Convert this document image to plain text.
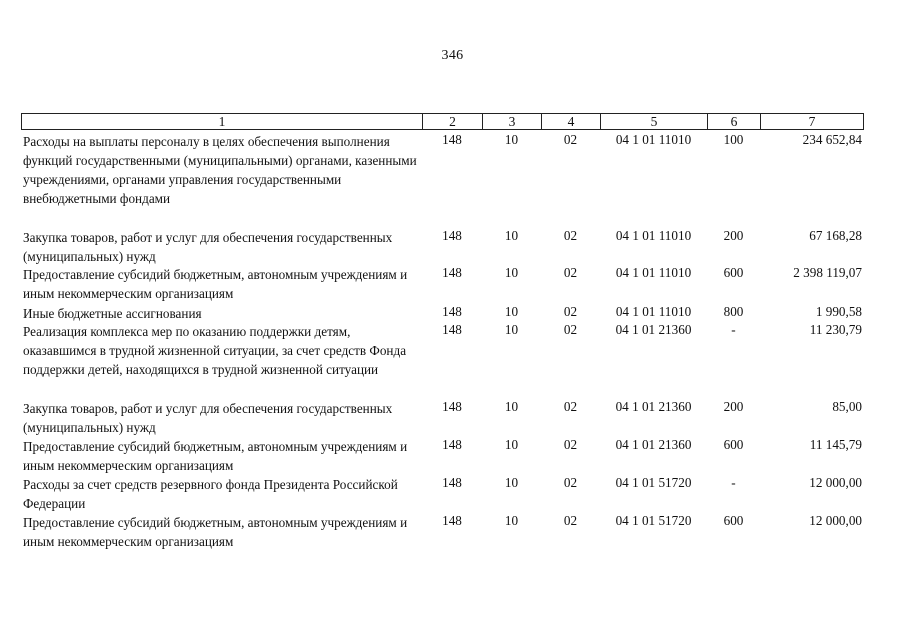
346
1	2	3	4	5	6	7
Расходы на выплаты персоналу в целях обеспечения выполнения функций государственными (муниципальными) органами, казенными учреждениями, органами управления государственными внебюджетными фондами
148	10	02	04 1 01 11010	100	234 652,84
Закупка товаров, работ и услуг для обеспечения государственных (муниципальных) нужд
148	10	02	04 1 01 11010	200	67 168,28
Предоставление субсидий бюджетным, автономным учреждениям и иным некоммерческим организациям
148	10	02	04 1 01 11010	600	2 398 119,07
Иные бюджетные ассигнования	148	10	02	04 1 01 11010	800	1 990,58
Реализация комплекса мер по оказанию поддержки детям, оказавшимся в трудной жизненной ситуации, за счет средств Фонда поддержки детей, находящихся в трудной жизненной ситуации
148	10	02	04 1 01 21360	-	11 230,79
Закупка товаров, работ и услуг для обеспечения государственных (муниципальных) нужд
148	10	02	04 1 01 21360	200	85,00
Предоставление субсидий бюджетным, автономным учреждениям и иным некоммерческим организациям
148	10	02	04 1 01 21360	600	11 145,79
Расходы за счет средств резервного фонда Президента Российской Федерации
148	10	02	04 1 01 51720	-	12 000,00
Предоставление субсидий бюджетным, автономным учреждениям и иным некоммерческим организациям
148	10	02	04 1 01 51720	600	12 000,00
